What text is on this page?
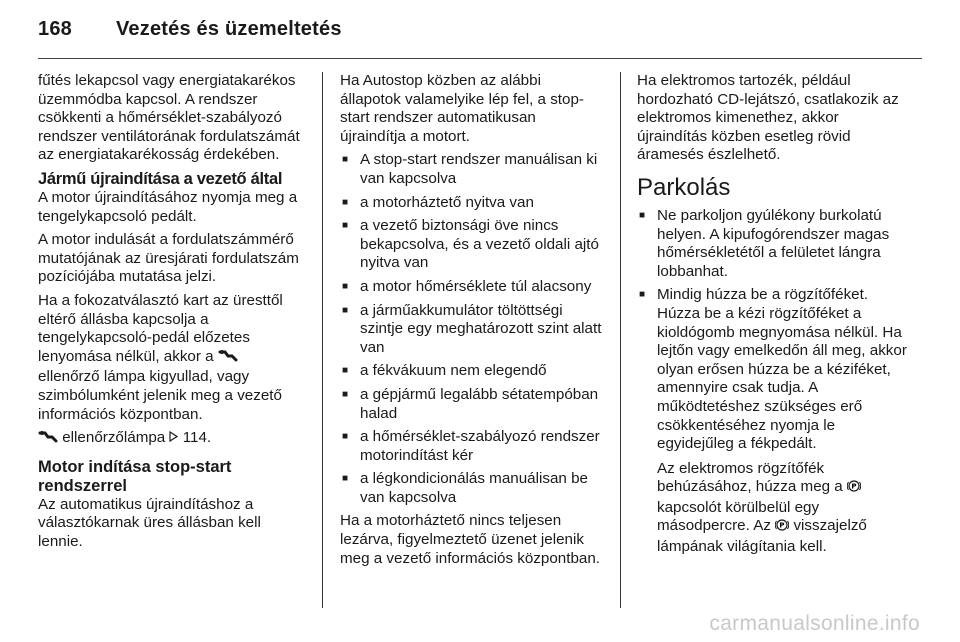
168 Vezetés és üzemeltetés

fűtés lekapcsol vagy energiatakarékos üzemmódba kapcsol. A rendszer csökkenti a hőmérséklet-szabályozó rendszer ventilátorának fordulatszámát az energiatakarékosság érdekében.

Jármű újraindítása a vezető által

A motor újraindításához nyomja meg a tengelykapcsoló pedált.

A motor indulását a fordulatszámmérő mutatójának az üresjárati fordulatszám pozíciójába mutatása jelzi.

Ha a fokozatválasztó kart az üresttől eltérő állásba kapcsolja a tengelykapcsoló-pedál előzetes lenyomása nélkül, akkor a  ellenőrző lámpa kigyullad, vagy szimbólumként jelenik meg a vezető információs központban.

ellenőrzőlámpa 114.

Motor indítása stop-start
rendszerrel

Az automatikus újraindításhoz a választókarnak üres állásban kell lennie.

Ha Autostop közben az alábbi állapotok valamelyike lép fel, a stop-start rendszer automatikusan újraindítja a motort.

■ A stop-start rendszer manuálisan ki van kapcsolva
■ a motorháztető nyitva van
■ a vezető biztonsági öve nincs bekapcsolva, és a vezető oldali ajtó nyitva van
■ a motor hőmérséklete túl alacsony
■ a járműakkumulátor töltöttségi szintje egy meghatározott szint alatt van
■ a fékvákuum nem elegendő
■ a gépjármű legalább sétatempóban halad
■ a hőmérséklet-szabályozó rendszer motorindítást kér
■ a légkondicionálás manuálisan be van kapcsolva

Ha a motorháztető nincs teljesen lezárva, figyelmeztető üzenet jelenik meg a vezető információs központban.

Ha elektromos tartozék, például hordozható CD-lejátszó, csatlakozik az elektromos kimenethez, akkor újraindítás közben esetleg rövid áramesés észlelhető.

Parkolás
■ Ne parkoljon gyúlékony burkolatú helyen. A kipufogórendszer magas hőmérsékletétől a felületet lángra lobbanhat.
■ Mindig húzza be a rögzítőféket. Húzza be a kézi rögzítőféket a kioldógomb megnyomása nélkül. Ha lejtőn vagy emelkedőn áll meg, akkor olyan erősen húzza be a kéziféket, amennyire csak tudja. A működtetéshez szükséges erő csökkentéséhez nyomja le egyidejűleg a fékpedált.
Az elektromos rögzítőfék behúzásához, húzza meg a P
kapcsolót körülbelül egy másodpercre. Az P visszajelző lámpának világítania kell.
carmanualsonline.info
